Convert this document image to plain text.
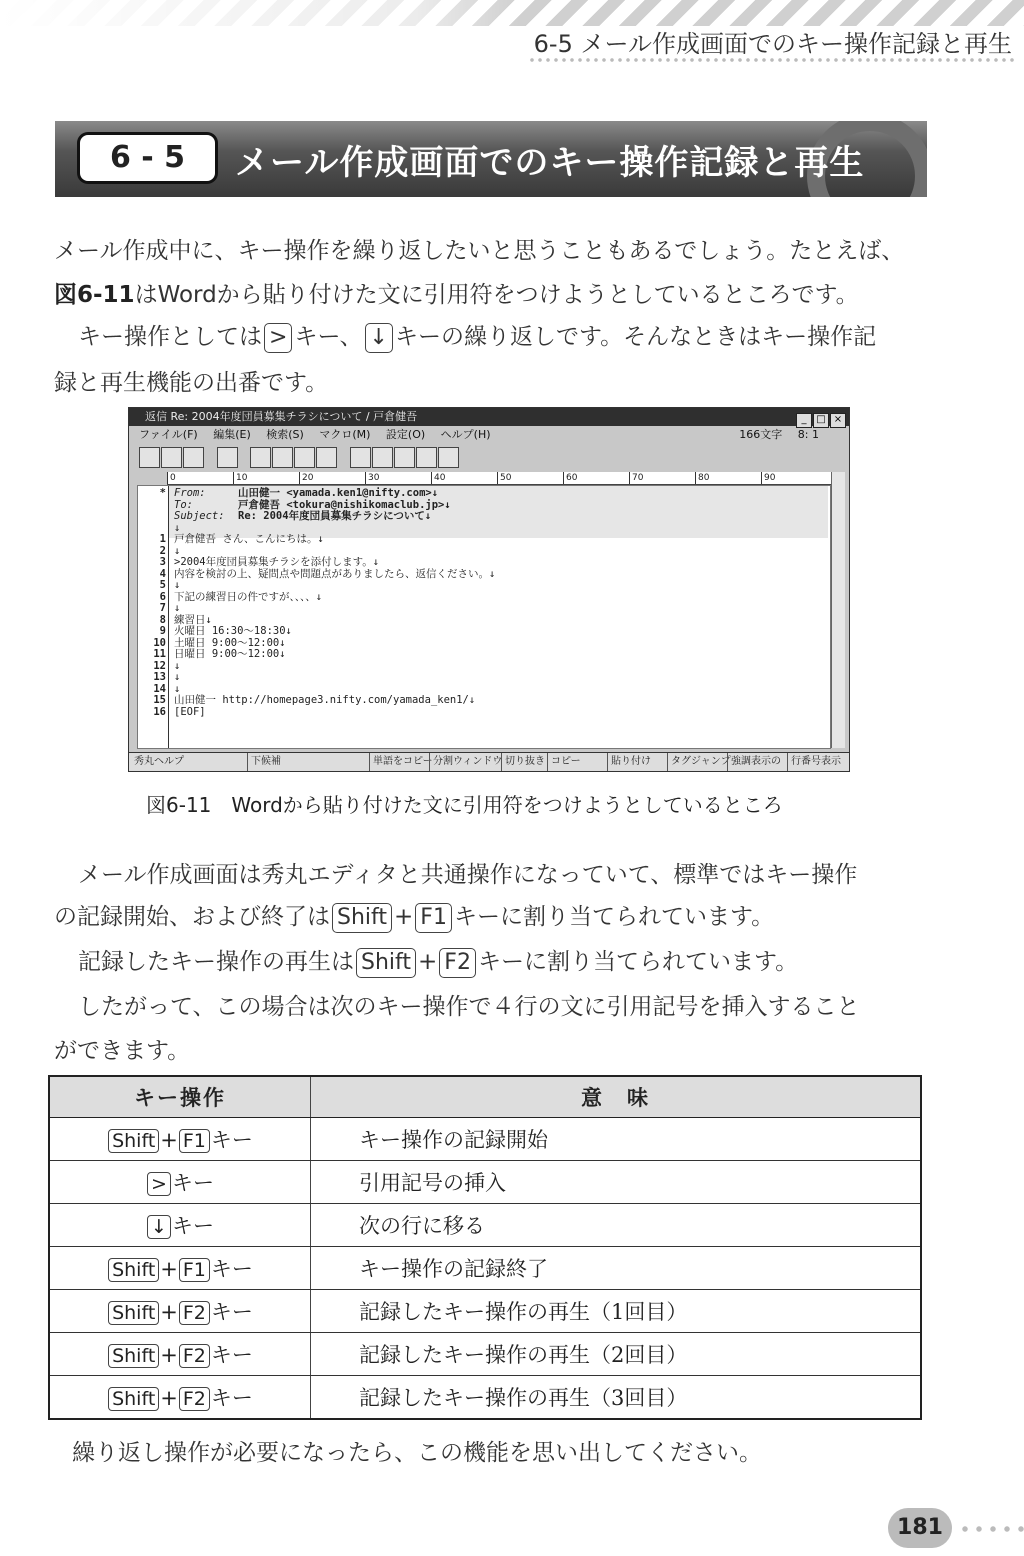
6-5 メール作成画面でのキー操作記録と再生
6 - 5	メール作成画面でのキー操作記録と再生
メール作成中に、キー操作を繰り返したいと思うこともあるでしょう。たとえば、
図6-11はWordから貼り付けた文に引用符をつけようとしているところです。
キー操作としては > キー、 ↓ キーの繰り返しです。そんなときはキー操作記
録と再生機能の出番です。
返信 Re: 2004年度団員募集チラシについて / 戸倉健吾	_ □ ×
ファイル(F) 編集(E) 検索(S) マクロ(M) 設定(O) ヘルプ(H)	166文字 8: 1

0	10	20	30	40	50	60	70	80	90
* From:	山田健一 <yamada.ken1@nifty.com>↓
To:	戸倉健吾 <tokura@nishikomaclub.jp>↓
Subject: Re: 2004年度団員募集チラシについて↓
↓
1 戸倉健吾 さん、こんにちは。↓
2 ↓
3 >2004年度団員募集チラシを添付します。↓
4 内容を検討の上、疑問点や問題点がありましたら、返信ください。↓
5 ↓
6 下記の練習日の件ですが、、、、↓
7 ↓
8 練習日↓
9 火曜日 16:30〜18:30↓
10 土曜日 9:00〜12:00↓
11 日曜日 9:00〜12:00↓
12 ↓
13 ↓
14 ↓
15 山田健一 http://homepage3.nifty.com/yamada_ken1/↓
16 [EOF]
秀丸ヘルプ	下候補	単語をコピー 分割ウィンドウ 切り抜き コピー	貼り付け	タグジャンプ 強調表示の	行番号表示
図6-11　Wordから貼り付けた文に引用符をつけようとしているところ
メール作成画面は秀丸エディタと共通操作になっていて、標準ではキー操作
の記録開始、および終了は Shift + F1 キーに割り当てられています。
記録したキー操作の再生は Shift + F2 キーに割り当てられています。
したがって、この場合は次のキー操作で４行の文に引用記号を挿入すること
ができます。
キー操作	意　味
Shift + F1 キー	キー操作の記録開始
> キー	引用記号の挿入
↓ キー	次の行に移る
Shift + F1 キー	キー操作の記録終了
Shift + F2 キー	記録したキー操作の再生（1回目）
Shift + F2 キー	記録したキー操作の再生（2回目）
Shift + F2 キー	記録したキー操作の再生（3回目）
繰り返し操作が必要になったら、この機能を思い出してください。
181
